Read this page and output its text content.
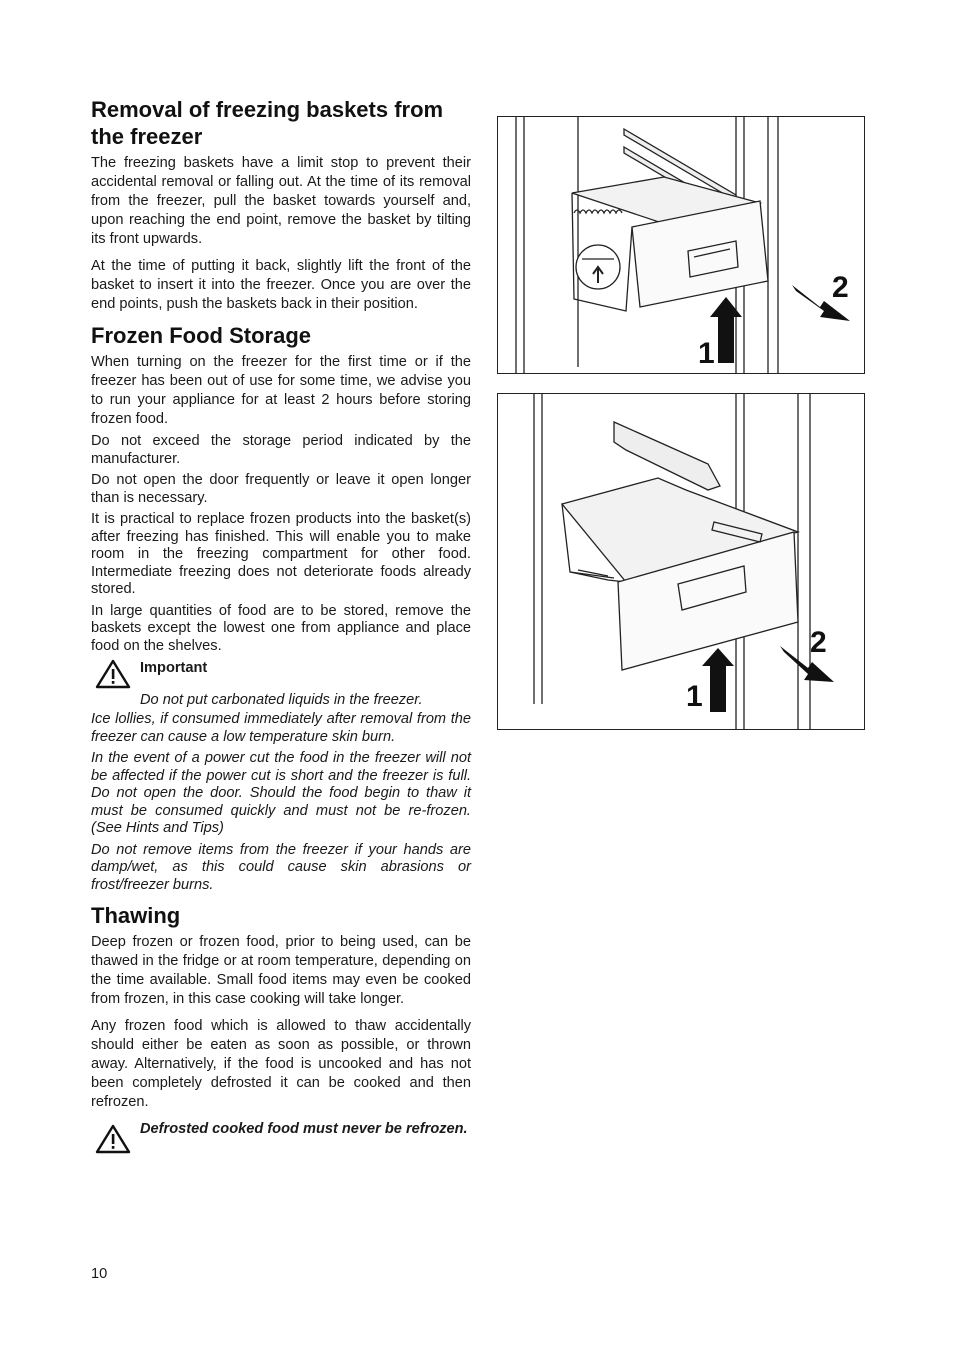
Removal of freezing baskets from the freezer

The freezing baskets have a limit stop to prevent their accidental removal or falling out. At the time of its removal from the freezer, pull the basket towards yourself and, upon reaching the end point, remove the basket by tilting its front upwards.

At the time of putting it back, slightly lift the front of the basket to insert it into the freezer. Once you are over the end points, push the baskets back in their position.

Frozen Food Storage

When turning on the freezer for the first time or if the freezer has been out of use for some time, we advise you to run your appliance for at least 2 hours before storing frozen food.

Do not exceed the storage period indicated by the manufacturer.

Do not open the door frequently or leave it open longer than is necessary.

It is practical to replace frozen products into the basket(s) after freezing has finished. This will enable you to make room in the freezing compartment for other food. Intermediate freezing does not deteriorate foods already stored.

In large quantities of food are to be stored, remove the baskets except the lowest one from appliance and place food on the shelves.

Important
Do not put carbonated liquids in the freezer.

Ice lollies, if consumed immediately after removal from the freezer can cause a low temperature skin burn.

In the event of a power cut the food in the freezer will not be affected if the power cut is short and the freezer is full. Do not open the door. Should the food begin to thaw it must be consumed quickly and must not be re-frozen. (See Hints and Tips)

Do not remove items from the freezer if your hands are damp/wet, as this could cause skin abrasions or frost/freezer burns.

Thawing

Deep frozen or frozen food, prior to being used, can be thawed in the fridge or at room temperature, depending on the time available. Small food items may even be cooked from frozen, in this case cooking will take longer.

Any frozen food which is allowed to thaw accidentally should either be eaten as soon as possible, or thrown away. Alternatively, if the food is uncooked and has not been completely defrosted it can be cooked and then refrozen.

Defrosted cooked food must never be refrozen.

1
2
1
2
10
